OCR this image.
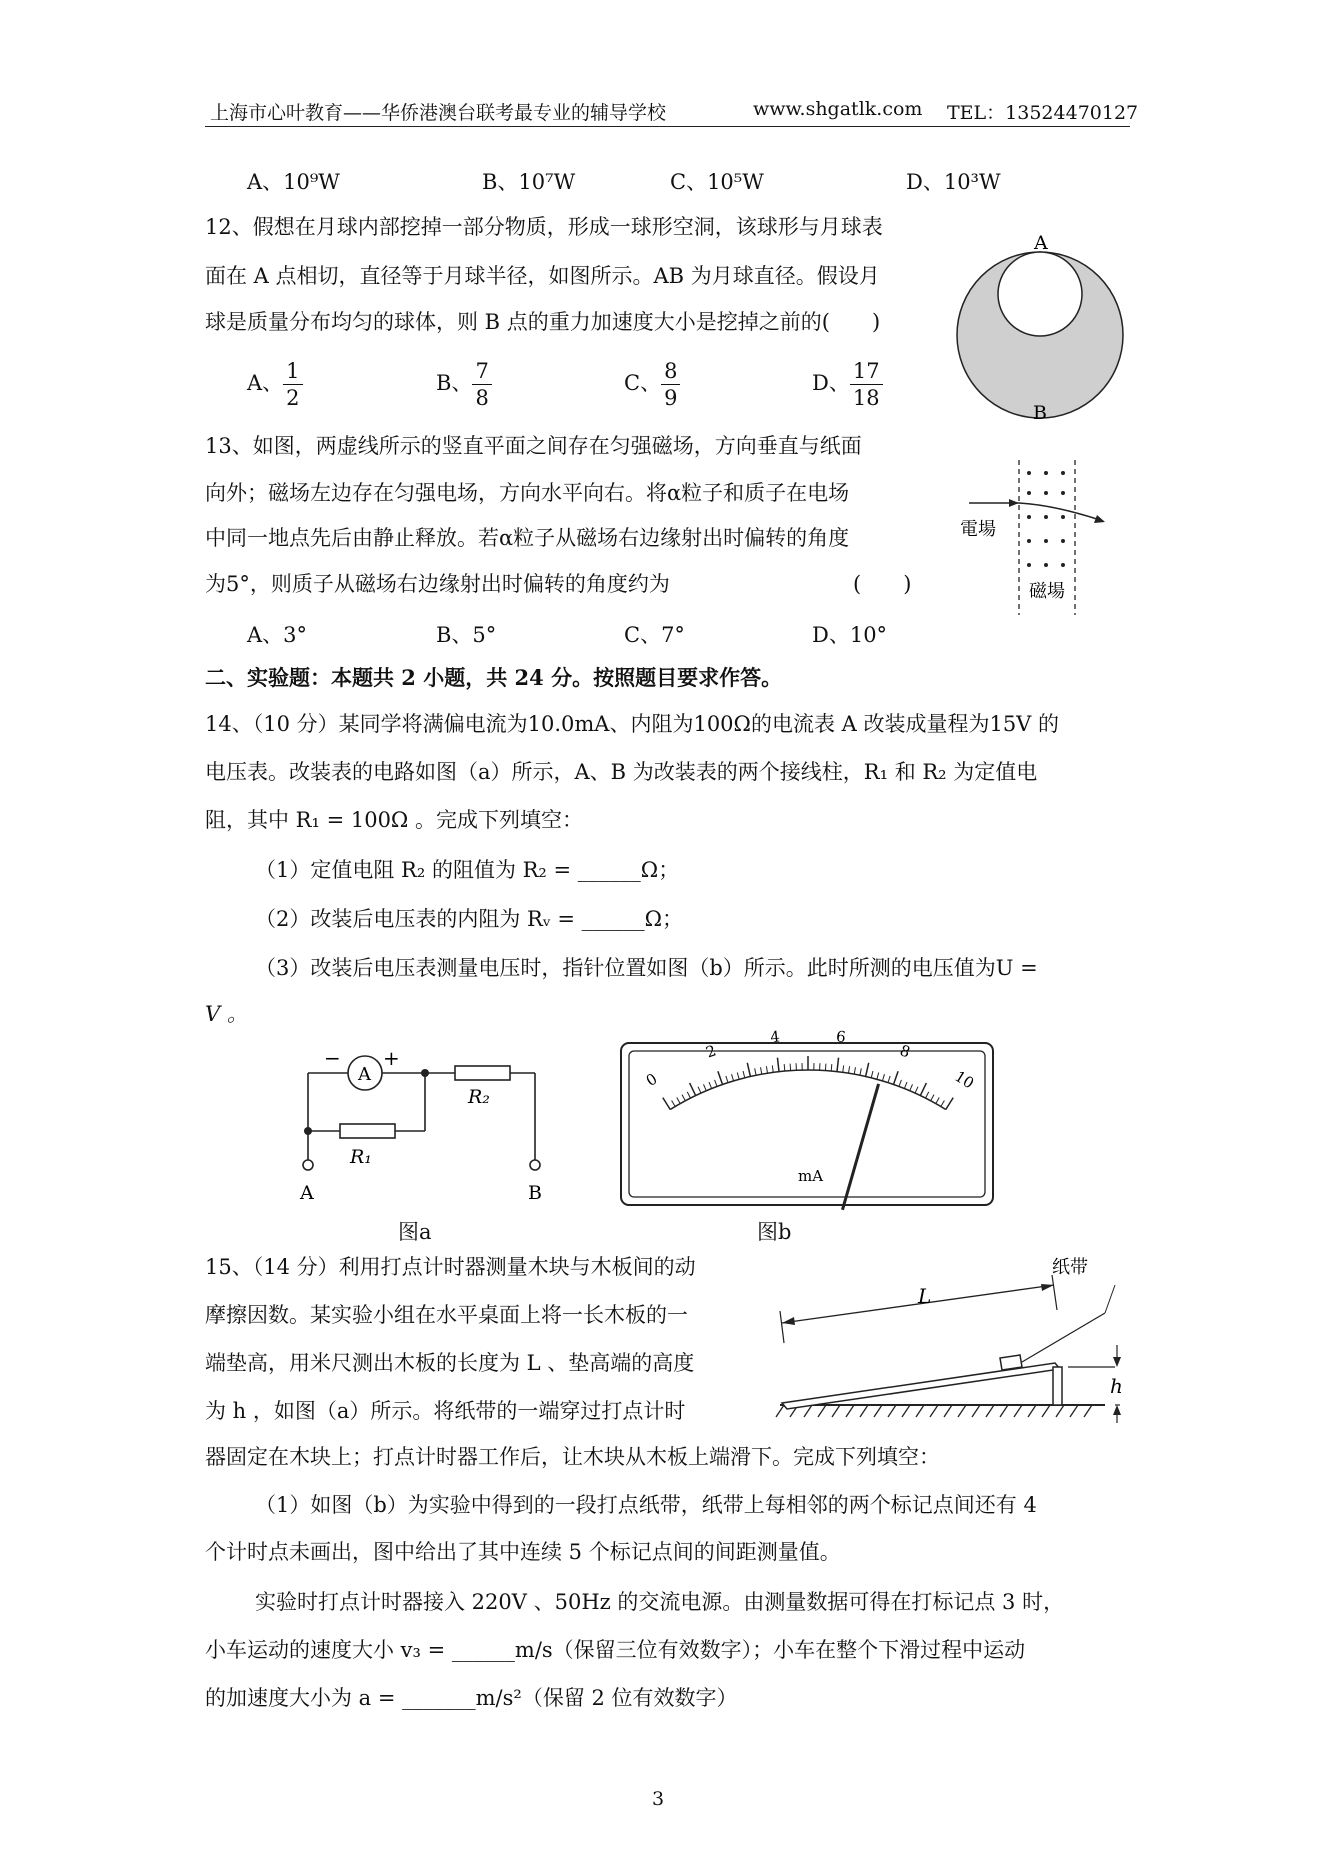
上海市心叶教育——华侨港澳台联考最专业的辅导学校	www.shgatlk.com TEL：13524470127
A、10⁹W	B、10⁷W	C、10⁵W	D、10³W
12、假想在月球内部挖掉一部分物质，形成一球形空洞，该球形与月球表
面在 A 点相切，直径等于月球半径，如图所示。AB 为月球直径。假设月
球是质量分布均匀的球体，则 B 点的重力加速度大小是挖掉之前的(　　)
A、 $\frac{1}{2}$	B、 $\frac{7}{8}$	C、 $\frac{8}{9}$	D、 $\frac{17}{18}$
A
B
13、如图，两虚线所示的竖直平面之间存在匀强磁场，方向垂直与纸面
向外；磁场左边存在匀强电场，方向水平向右。将α粒子和质子在电场
中同一地点先后由静止释放。若α粒子从磁场右边缘射出时偏转的角度
为5°，则质子从磁场右边缘射出时偏转的角度约为	(　　)
A、3°	B、5°	C、7°	D、10°
電場
磁場
二、实验题：本题共 2 小题，共 24 分。按照题目要求作答。
14、（10 分）某同学将满偏电流为10.0mA、内阻为100Ω的电流表 A 改装成量程为15V 的
电压表。改装表的电路如图（a）所示，A、B 为改装表的两个接线柱，R₁ 和 R₂ 为定值电
阻，其中 R₁ = 100Ω 。完成下列填空：
（1）定值电阻 R₂ 的阻值为 R₂ = ______Ω；
（2）改装后电压表的内阻为 Rᵥ = ______Ω；
（3）改装后电压表测量电压时，指针位置如图（b）所示。此时所测的电压值为U =
V 。
A
− +
R₂
R₁
A	B
图a
0
2
4	6
8
10
mA
图b
15、（14 分）利用打点计时器测量木块与木板间的动
摩擦因数。某实验小组在水平桌面上将一长木板的一
端垫高，用米尺测出木板的长度为 L 、垫高端的高度
为 h ，如图（a）所示。将纸带的一端穿过打点计时
器固定在木块上；打点计时器工作后，让木块从木板上端滑下。完成下列填空：
（1）如图（b）为实验中得到的一段打点纸带，纸带上每相邻的两个标记点间还有 4
个计时点未画出，图中给出了其中连续 5 个标记点间的间距测量值。
实验时打点计时器接入 220V 、50Hz 的交流电源。由测量数据可得在打标记点 3 时，
小车运动的速度大小 v₃ = ______m/s（保留三位有效数字）；小车在整个下滑过程中运动
的加速度大小为 a = _______m/s²（保留 2 位有效数字）
纸带
L
h
3
